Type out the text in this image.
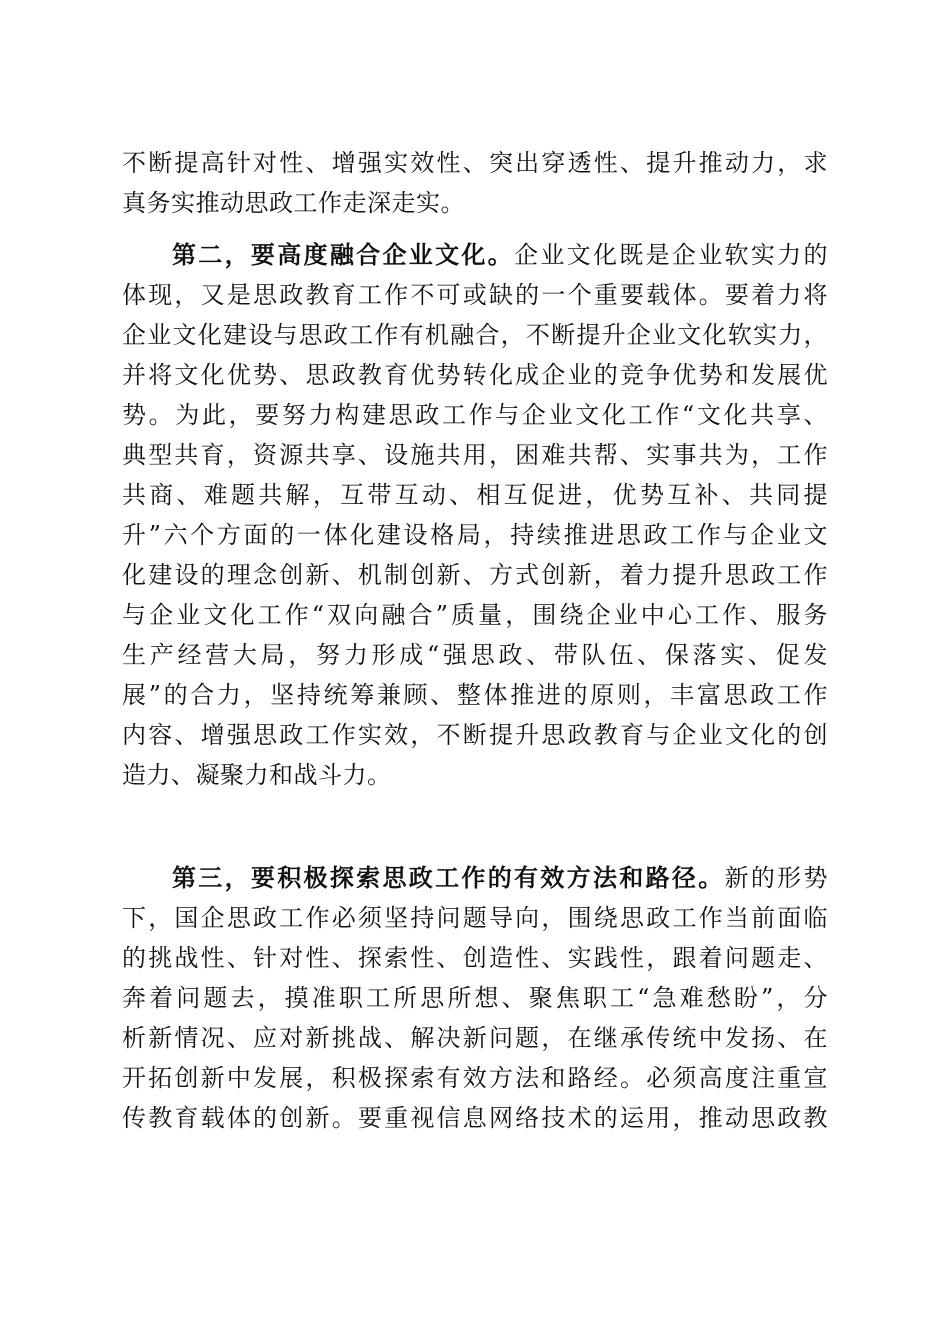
不断提高针对性、增强实效性、突出穿透性、提升推动力，求
真务实推动思政工作走深走实。
第二，要高度融合企业文化。企业文化既是企业软实力的
体现，又是思政教育工作不可或缺的一个重要载体。要着力将
企业文化建设与思政工作有机融合，不断提升企业文化软实力，
并将文化优势、思政教育优势转化成企业的竞争优势和发展优
势。为此，要努力构建思政工作与企业文化工作“文化共享、
典型共育，资源共享、设施共用，困难共帮、实事共为，工作
共商、难题共解，互带互动、相互促进，优势互补、共同提
升”六个方面的一体化建设格局，持续推进思政工作与企业文
化建设的理念创新、机制创新、方式创新，着力提升思政工作
与企业文化工作“双向融合”质量，围绕企业中心工作、服务
生产经营大局，努力形成“强思政、带队伍、保落实、促发
展”的合力，坚持统筹兼顾、整体推进的原则，丰富思政工作
内容、增强思政工作实效，不断提升思政教育与企业文化的创
造力、凝聚力和战斗力。
第三，要积极探索思政工作的有效方法和路径。新的形势
下，国企思政工作必须坚持问题导向，围绕思政工作当前面临
的挑战性、针对性、探索性、创造性、实践性，跟着问题走、
奔着问题去，摸准职工所思所想、聚焦职工“急难愁盼”，分
析新情况、应对新挑战、解决新问题，在继承传统中发扬、在
开拓创新中发展，积极探索有效方法和路经。必须高度注重宣
传教育载体的创新。要重视信息网络技术的运用，推动思政教
